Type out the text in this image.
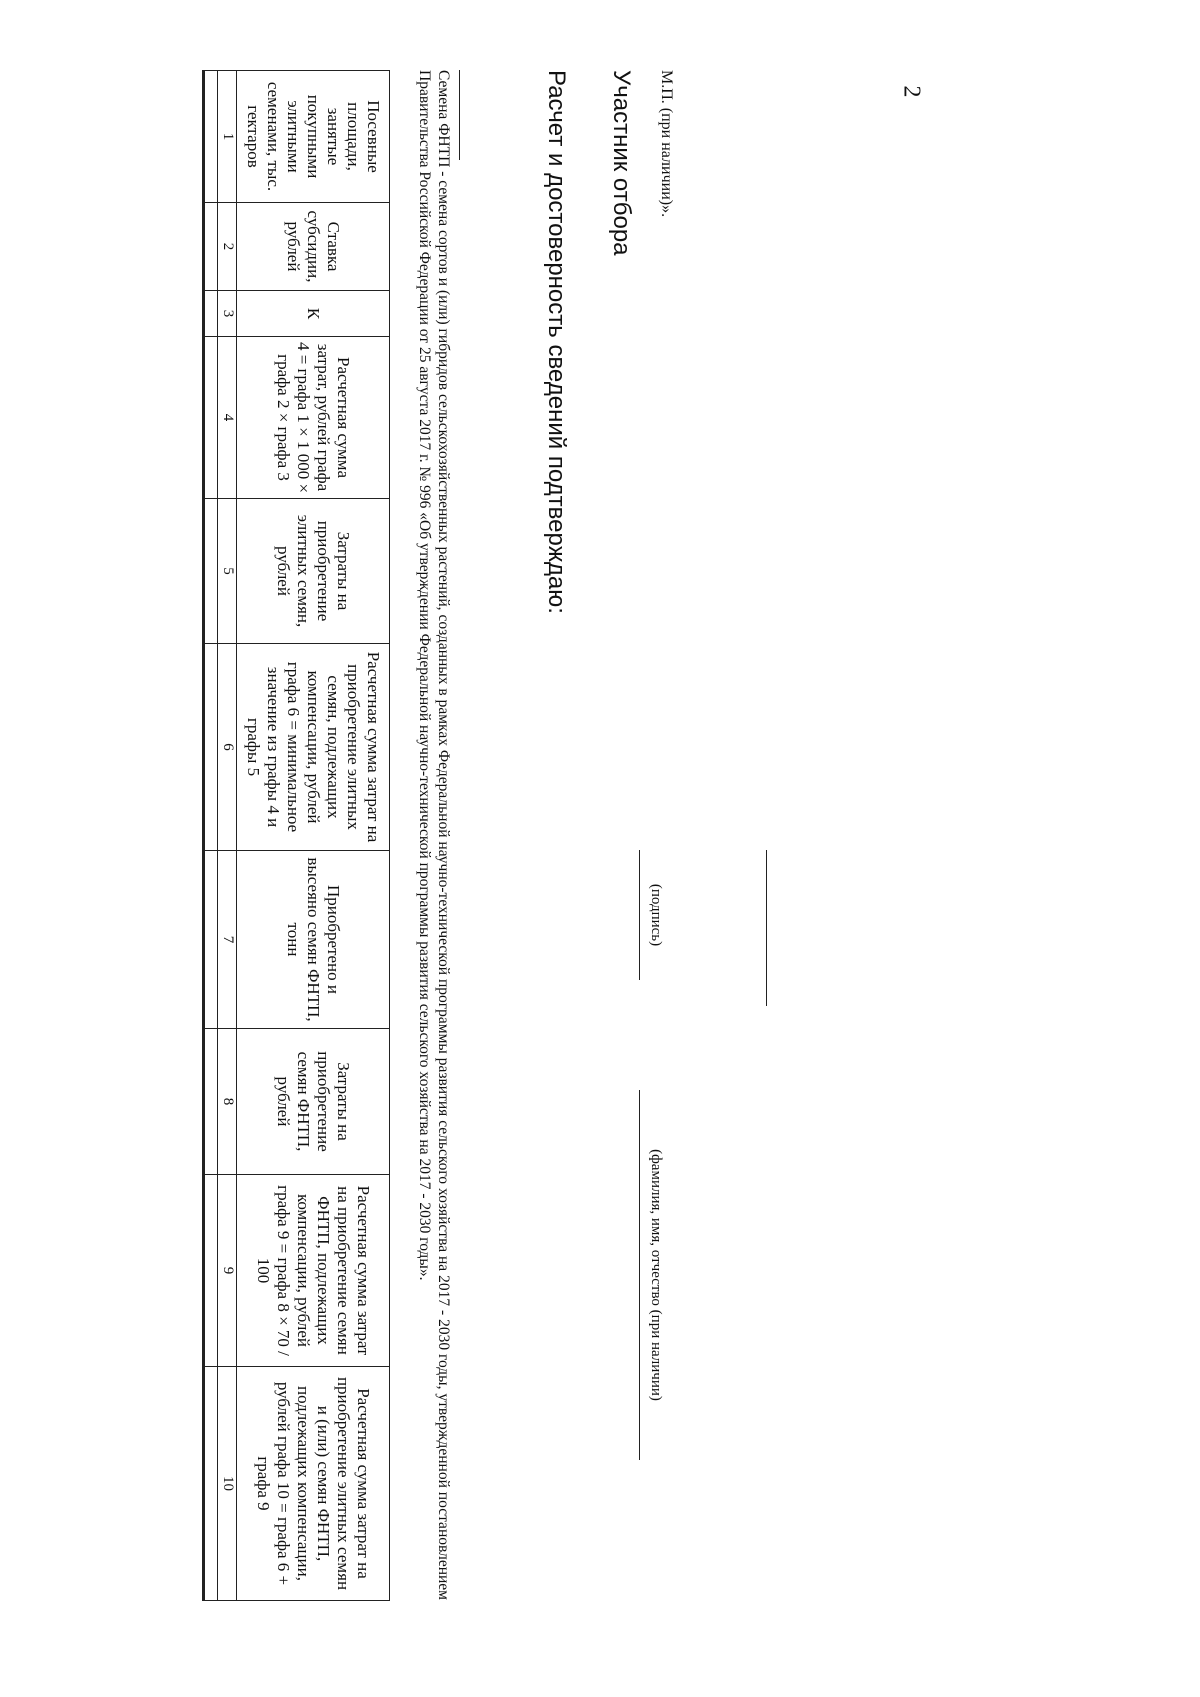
2
Посевные площади, занятые покупными элитными семенами, тыс. гектаров	Ставка субсидии, рублей	К	Расчетная сумма затрат, рублей графа 4 = графа 1 × 1 000 × графа 2 × графа 3	Затраты на приобретение элитных семян, рублей	Расчетная сумма затрат на приобретение элитных семян, подлежащих компенсации, рублей графа 6 = минимальное значение из графы 4 и графы 5	Приобретено и высеяно семян ФНТП, тонн	Затраты на приобретение семян ФНТП, рублей	Расчетная сумма затрат на приобретение семян ФНТП, подлежащих компенсации, рублей графа 9 = графа 8 × 70 / 100	Расчетная сумма затрат на приобретение элитных семян и (или) семян ФНТП, подлежащих компенсации, рублей графа 10 = графа 6 + графа 9
1	2	3	4	5	6	7	8	9	10
										Семена ФНТП - семена сортов и (или) гибридов сельскохозяйственных растений, созданных в рамках Федеральной научно-технической программы развития сельского хозяйства на 2017 - 2030 годы, утвержденной постановлением Правительства Российской Федерации от 25 августа 2017 г. № 996 «Об утверждении Федеральной научно-технической программы развития сельского хозяйства на 2017 - 2030 годы».	Расчет и достоверность сведений подтверждаю: Участник отбора
(подпись)
(фамилия, имя, отчество (при наличии)
М.П. (при наличии)».
